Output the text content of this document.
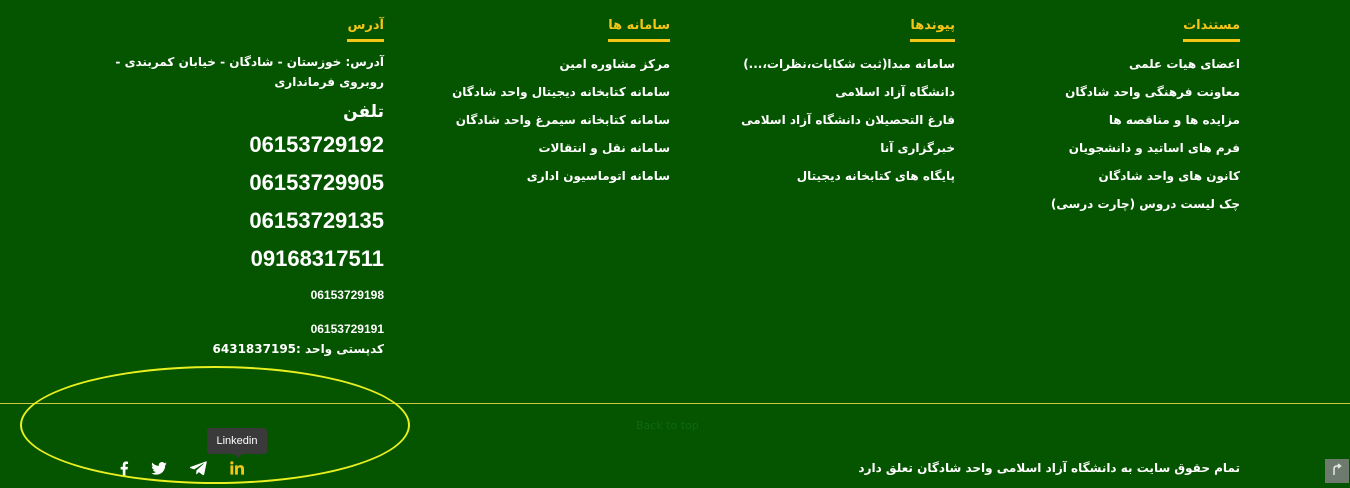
مستندات
اعضای هیات علمی
معاونت فرهنگی واحد شادگان
مزایده ها و مناقصه ها
فرم های اساتید و دانشجویان
کانون های واحد شادگان
چک لیست دروس (چارت درسی)
پیوندها
سامانه مبدا(ثبت شکایات،نظرات،...)
دانشگاه آزاد اسلامی
فارغ التحصیلان دانشگاه آزاد اسلامی
خبرگزاری آنا
پایگاه های کتابخانه دیجیتال
سامانه ها
مرکز مشاوره امین
سامانه کتابخانه دیجیتال واحد شادگان
سامانه کتابخانه سیمرغ واحد شادگان
سامانه نقل و انتقالات
سامانه اتوماسیون اداری
آدرس
آدرس: خوزستان - شادگان - خیابان کمربندی - روبروی فرمانداری
تلفن
06153729192
06153729905
06153729135
09168317511
06153729198
06153729191
کدپستی واحد :6431837195
Back to top
تمام حقوق سایت به دانشگاه آزاد اسلامی واحد شادگان تعلق دارد
Linkedin
